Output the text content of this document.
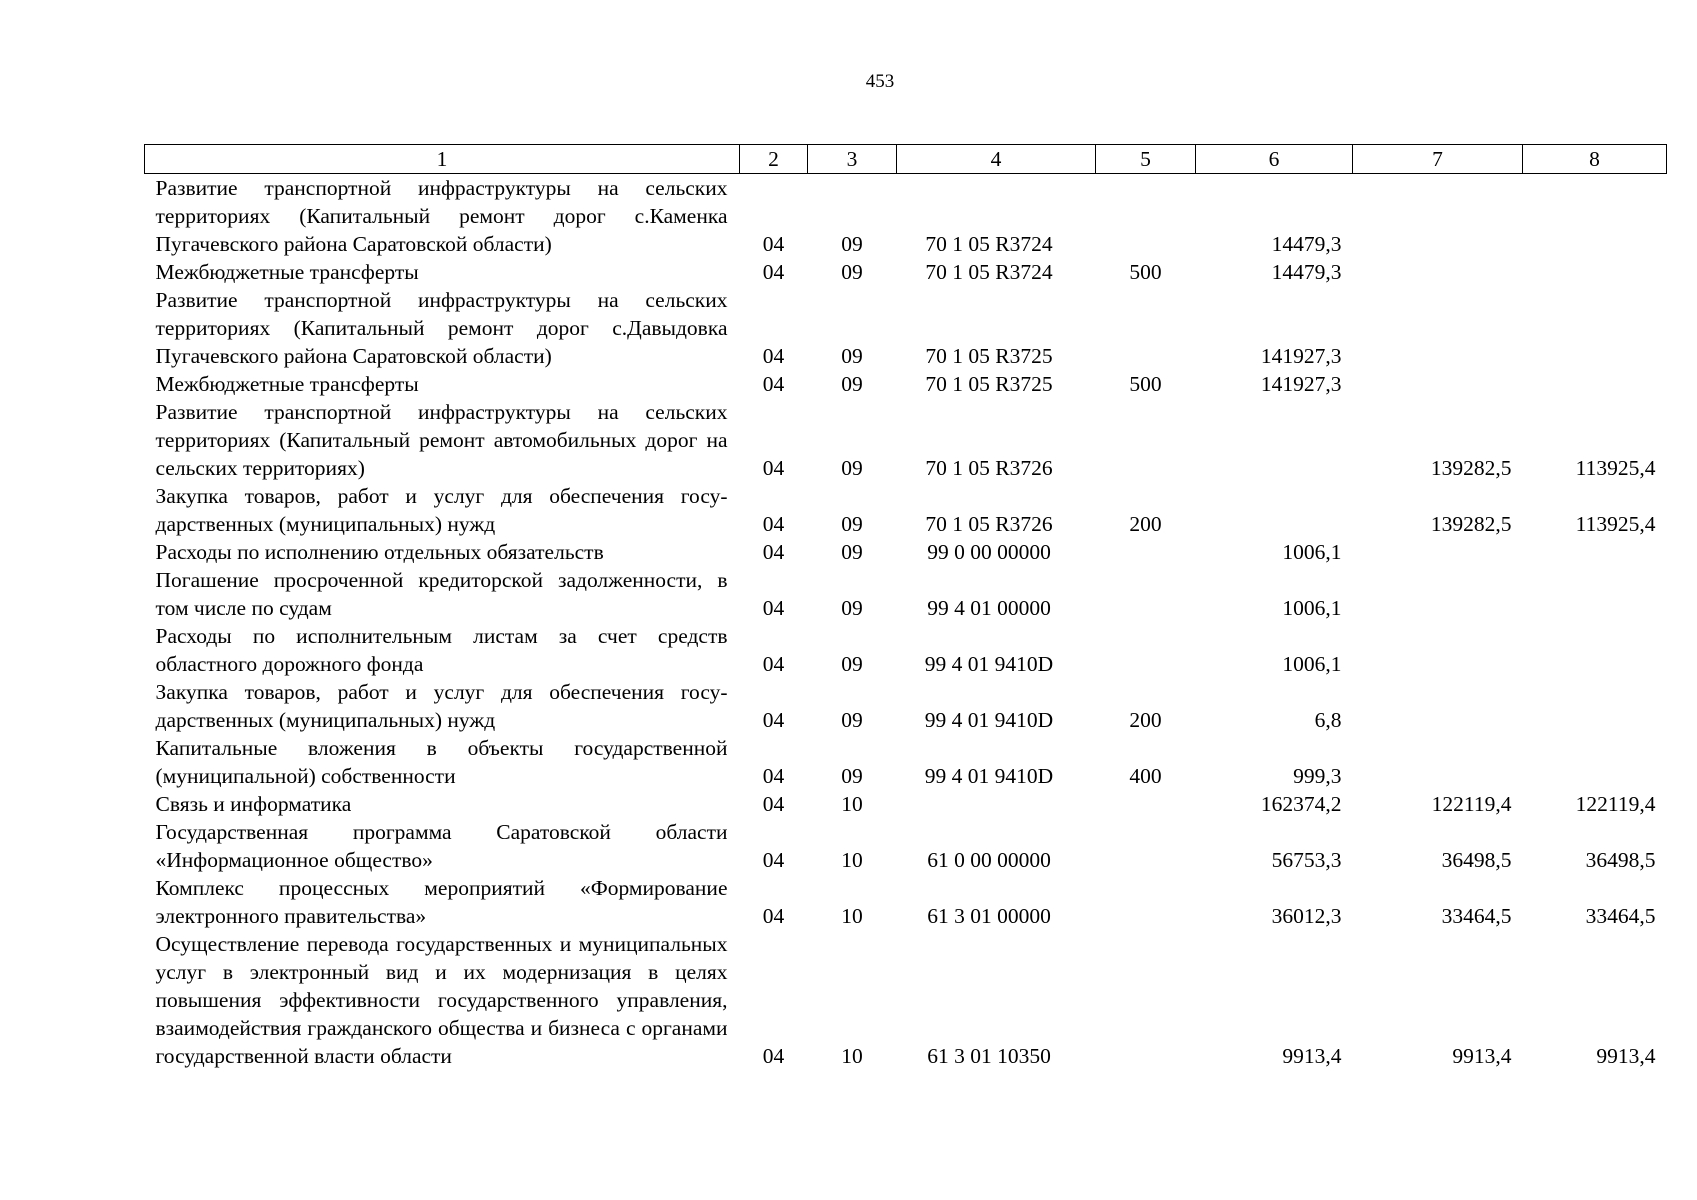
453
1	2	3	4	5	6	7	8
Развитие транспортной инфраструктуры на сельских территориях (Капитальный ремонт дорог с.Каменка Пугачевского района Саратовской области)	04	09	70 1 05 R3724		14479,3		
Межбюджетные трансферты	04	09	70 1 05 R3724	500	14479,3		
Развитие транспортной инфраструктуры на сельских территориях (Капитальный ремонт дорог с.Давыдовка Пугачевского района Саратовской области)	04	09	70 1 05 R3725		141927,3		
Межбюджетные трансферты	04	09	70 1 05 R3725	500	141927,3		
Развитие транспортной инфраструктуры на сельских территориях (Капитальный ремонт автомобильных дорог на сельских территориях)	04	09	70 1 05 R3726			139282,5	113925,4
Закупка товаров, работ и услуг для обеспечения государственных (муниципальных) нужд	04	09	70 1 05 R3726	200		139282,5	113925,4
Расходы по исполнению отдельных обязательств	04	09	99 0 00 00000		1006,1		
Погашение просроченной кредиторской задолженности, в том числе по судам	04	09	99 4 01 00000		1006,1		
Расходы по исполнительным листам за счет средств областного дорожного фонда	04	09	99 4 01 9410D		1006,1		
Закупка товаров, работ и услуг для обеспечения государственных (муниципальных) нужд	04	09	99 4 01 9410D	200	6,8		
Капитальные вложения в объекты государственной (муниципальной) собственности	04	09	99 4 01 9410D	400	999,3		
Связь и информатика	04	10			162374,2	122119,4	122119,4
Государственная программа Саратовской области «Информационное общество»	04	10	61 0 00 00000		56753,3	36498,5	36498,5
Комплекс процессных мероприятий «Формирование электронного правительства»	04	10	61 3 01 00000		36012,3	33464,5	33464,5
Осуществление перевода государственных и муниципальных услуг в электронный вид и их модернизация в целях повышения эффективности государственного управления, взаимодействия гражданского общества и бизнеса с органами государственной власти области	04	10	61 3 01 10350		9913,4	9913,4	9913,4
